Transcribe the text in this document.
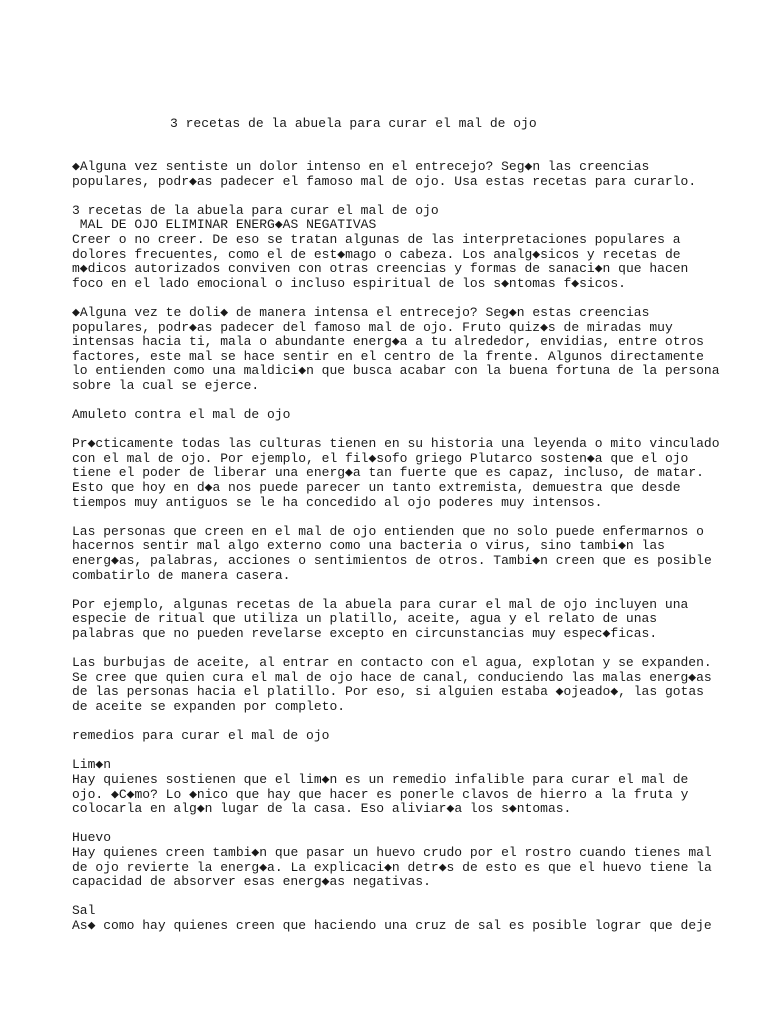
3 recetas de la abuela para curar el mal de ojo
◆Alguna vez sentiste un dolor intenso en el entrecejo? Seg◆n las creencias
populares, podr◆as padecer el famoso mal de ojo. Usa estas recetas para curarlo.
3 recetas de la abuela para curar el mal de ojo
MAL DE OJO ELIMINAR ENERG◆AS NEGATIVAS
Creer o no creer. De eso se tratan algunas de las interpretaciones populares a
dolores frecuentes, como el de est◆mago o cabeza. Los analg◆sicos y recetas de
m◆dicos autorizados conviven con otras creencias y formas de sanaci◆n que hacen
foco en el lado emocional o incluso espiritual de los s◆ntomas f◆sicos.
◆Alguna vez te doli◆ de manera intensa el entrecejo? Seg◆n estas creencias
populares, podr◆as padecer del famoso mal de ojo. Fruto quiz◆s de miradas muy
intensas hacia ti, mala o abundante energ◆a a tu alrededor, envidias, entre otros
factores, este mal se hace sentir en el centro de la frente. Algunos directamente
lo entienden como una maldici◆n que busca acabar con la buena fortuna de la persona
sobre la cual se ejerce.
Amuleto contra el mal de ojo
Pr◆cticamente todas las culturas tienen en su historia una leyenda o mito vinculado
con el mal de ojo. Por ejemplo, el fil◆sofo griego Plutarco sosten◆a que el ojo
tiene el poder de liberar una energ◆a tan fuerte que es capaz, incluso, de matar.
Esto que hoy en d◆a nos puede parecer un tanto extremista, demuestra que desde
tiempos muy antiguos se le ha concedido al ojo poderes muy intensos.
Las personas que creen en el mal de ojo entienden que no solo puede enfermarnos o
hacernos sentir mal algo externo como una bacteria o virus, sino tambi◆n las
energ◆as, palabras, acciones o sentimientos de otros. Tambi◆n creen que es posible
combatirlo de manera casera.
Por ejemplo, algunas recetas de la abuela para curar el mal de ojo incluyen una
especie de ritual que utiliza un platillo, aceite, agua y el relato de unas
palabras que no pueden revelarse excepto en circunstancias muy espec◆ficas.
Las burbujas de aceite, al entrar en contacto con el agua, explotan y se expanden.
Se cree que quien cura el mal de ojo hace de canal, conduciendo las malas energ◆as
de las personas hacia el platillo. Por eso, si alguien estaba ◆ojeado◆, las gotas
de aceite se expanden por completo.
remedios para curar el mal de ojo
Lim◆n
Hay quienes sostienen que el lim◆n es un remedio infalible para curar el mal de
ojo. ◆C◆mo? Lo ◆nico que hay que hacer es ponerle clavos de hierro a la fruta y
colocarla en alg◆n lugar de la casa. Eso aliviar◆a los s◆ntomas.
Huevo
Hay quienes creen tambi◆n que pasar un huevo crudo por el rostro cuando tienes mal
de ojo revierte la energ◆a. La explicaci◆n detr◆s de esto es que el huevo tiene la
capacidad de absorver esas energ◆as negativas.
Sal
As◆ como hay quienes creen que haciendo una cruz de sal es posible lograr que deje
